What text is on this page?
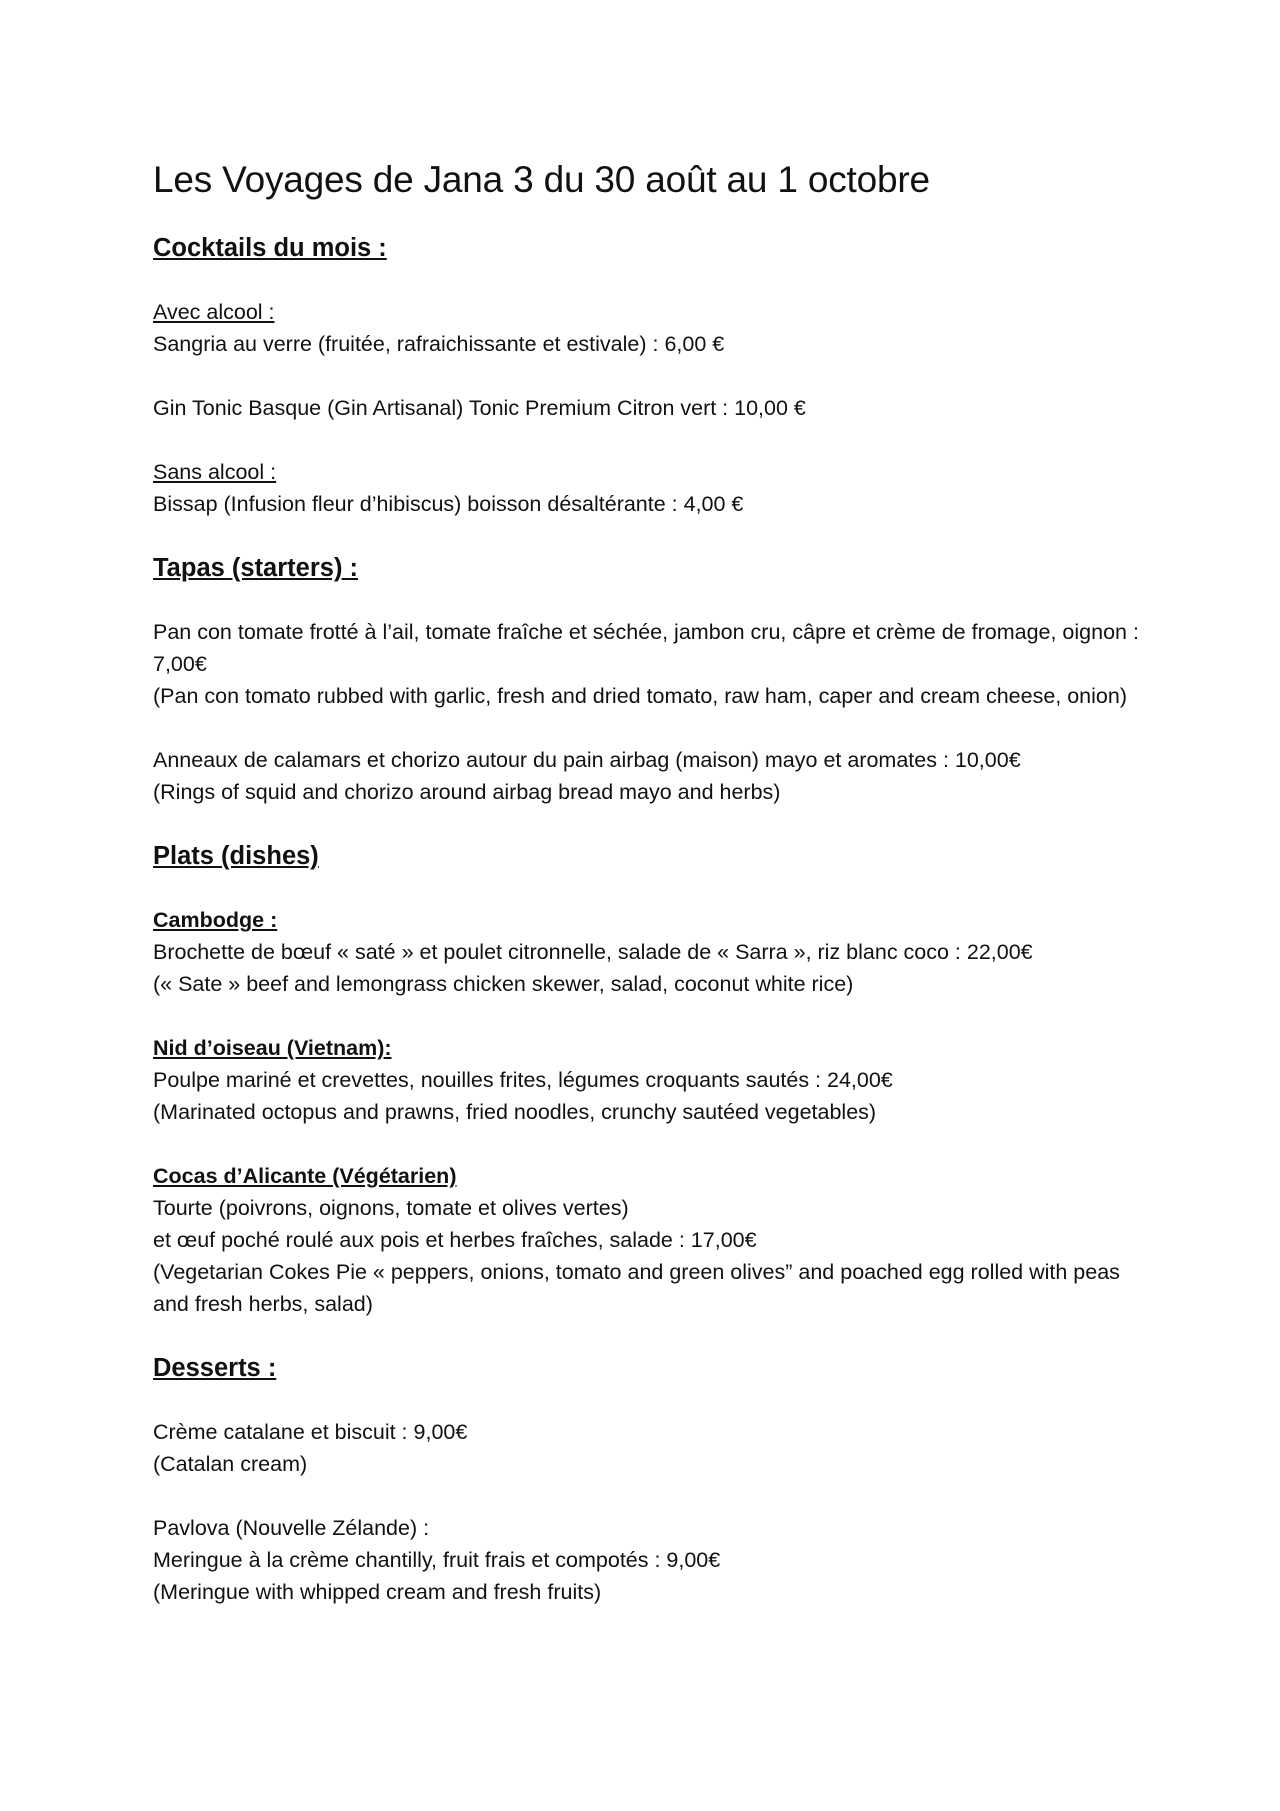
Les Voyages de Jana 3 du 30 août au 1 octobre
Cocktails du mois :

Avec alcool :

Sangria au verre (fruitée, rafraichissante et estivale) : 6,00 €

Gin Tonic Basque (Gin Artisanal) Tonic Premium Citron vert : 10,00 €

Sans alcool :

Bissap (Infusion fleur d’hibiscus) boisson désaltérante : 4,00 €

Tapas (starters) :

Pan con tomate frotté à l’ail, tomate fraîche et séchée, jambon cru, câpre et crème de fromage, oignon : 7,00€

(Pan con tomato rubbed with garlic, fresh and dried tomato, raw ham, caper and cream cheese, onion)

Anneaux de calamars et chorizo autour du pain airbag (maison) mayo et aromates : 10,00€

(Rings of squid and chorizo around airbag bread mayo and herbs)

Plats (dishes)

Cambodge :

Brochette de bœuf « saté » et poulet citronnelle, salade de « Sarra », riz blanc coco : 22,00€

(« Sate » beef and lemongrass chicken skewer, salad, coconut white rice)

Nid d’oiseau (Vietnam):

Poulpe mariné et crevettes, nouilles frites, légumes croquants sautés : 24,00€

(Marinated octopus and prawns, fried noodles, crunchy sautéed vegetables)

Cocas d’Alicante (Végétarien)

Tourte (poivrons, oignons, tomate et olives vertes)

et œuf poché roulé aux pois et herbes fraîches, salade : 17,00€

(Vegetarian Cokes Pie « peppers, onions, tomato and green olives” and poached egg rolled with peas and fresh herbs, salad)

Desserts :

Crème catalane et biscuit : 9,00€

(Catalan cream)

Pavlova (Nouvelle Zélande) :

Meringue à la crème chantilly, fruit frais et compotés : 9,00€

(Meringue with whipped cream and fresh fruits)
